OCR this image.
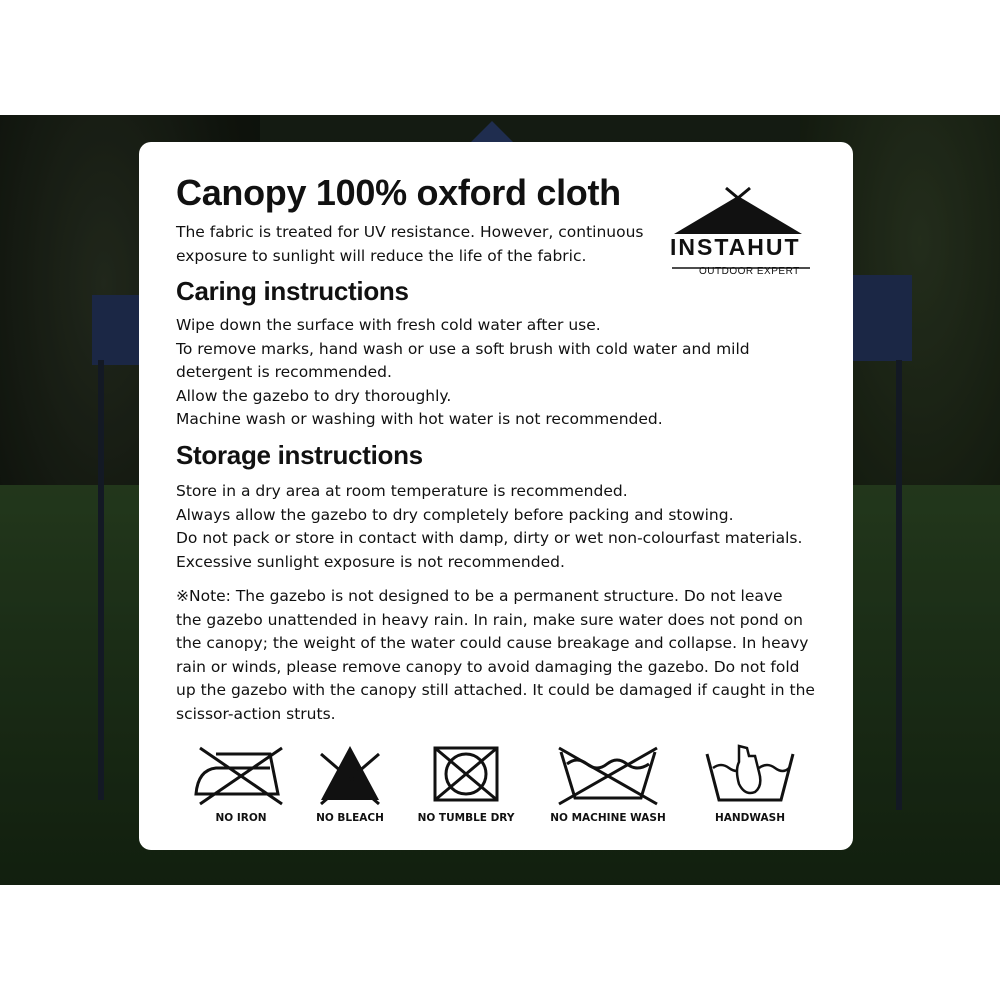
Canopy 100% oxford cloth
The fabric is treated for UV resistance. However, continuous
exposure to sunlight will reduce the life of the fabric.	INSTAHUT
OUTDOOR EXPERT
Caring instructions
Wipe down the surface with fresh cold water after use.
To remove marks, hand wash or use a soft brush with cold water and mild
detergent is recommended.
Allow the gazebo to dry thoroughly.
Machine wash or washing with hot water is not recommended.
Storage instructions
Store in a dry area at room temperature is recommended.
Always allow the gazebo to dry completely before packing and stowing.
Do not pack or store in contact with damp, dirty or wet non-colourfast materials.
Excessive sunlight exposure is not recommended.
※Note: The gazebo is not designed to be a permanent structure. Do not leave
the gazebo unattended in heavy rain. In rain, make sure water does not pond on
the canopy; the weight of the water could cause breakage and collapse. In heavy
rain or winds, please remove canopy to avoid damaging the gazebo. Do not fold
up the gazebo with the canopy still attached. It could be damaged if caught in the
scissor-action struts.
NO IRON	NO BLEACH	NO TUMBLE DRY	NO MACHINE WASH	HANDWASH
